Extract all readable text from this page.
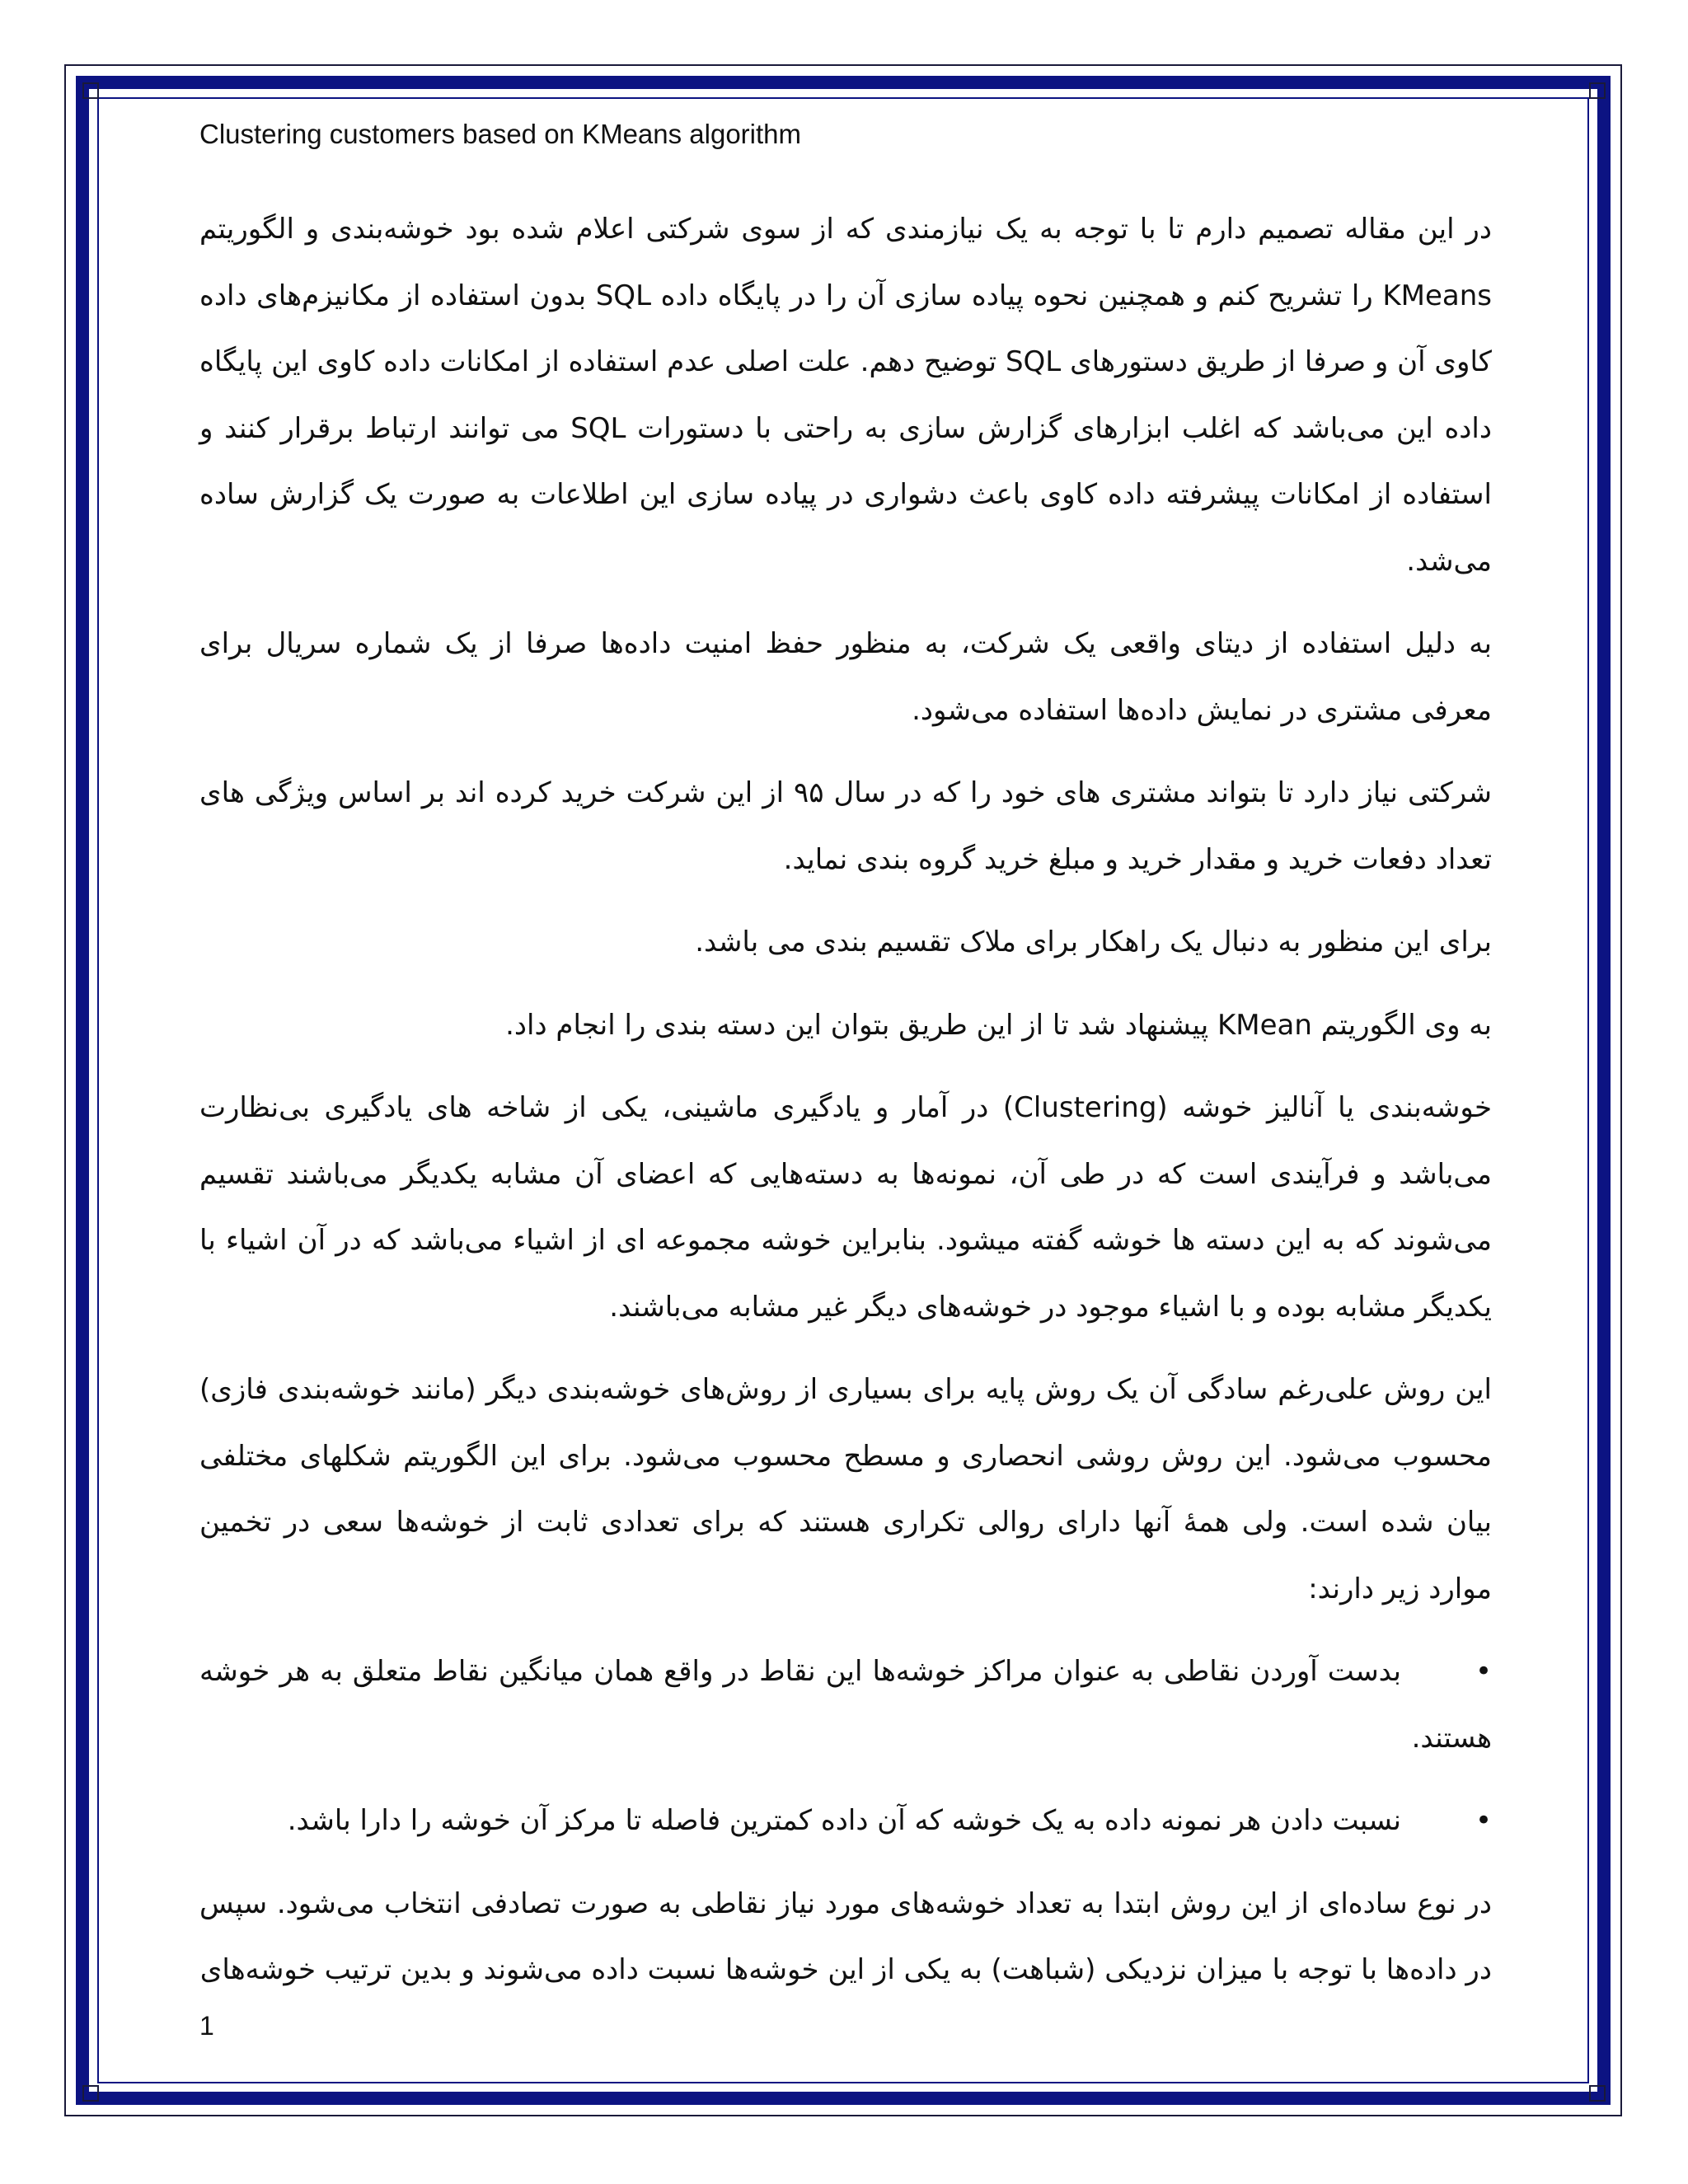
Clustering customers based on KMeans algorithm

در این مقاله تصمیم دارم تا با توجه به یک نیازمندی که از سوی شرکتی اعلام شده بود خوشه‌بندی و الگوریتم KMeans را تشریح کنم و همچنین نحوه پیاده سازی آن را در پایگاه داده SQL بدون استفاده از مکانیزم‌های داده کاوی آن و صرفا از طریق دستورهای SQL توضیح دهم. علت اصلی عدم استفاده از امکانات داده کاوی این پایگاه داده این می‌باشد که اغلب ابزارهای گزارش سازی به راحتی با دستورات SQL می توانند ارتباط برقرار کنند و استفاده از امکانات پیشرفته داده کاوی باعث دشواری در پیاده سازی این اطلاعات به صورت یک گزارش ساده می‌شد.

به دلیل استفاده از دیتای واقعی یک شرکت، به منظور حفظ امنیت داده‌ها صرفا از یک شماره سریال برای معرفی مشتری در نمایش داده‌ها استفاده می‌شود.

شرکتی نیاز دارد تا بتواند مشتری های خود را که در سال ۹۵ از این شرکت خرید کرده اند بر اساس ویژگی های تعداد دفعات خرید و مقدار خرید و مبلغ خرید گروه بندی نماید.

برای این منظور به دنبال یک راهکار برای ملاک تقسیم بندی می باشد.

به وی الگوریتم KMean پیشنهاد شد تا از این طریق بتوان این دسته بندی را انجام داد.

خوشه‌بندی یا آنالیز خوشه (Clustering) در آمار و یادگیری ماشینی، یکی از شاخه های یادگیری بی‌نظارت می‌باشد و فرآیندی است که در طی آن، نمونه‌ها به دسته‌هایی که اعضای آن مشابه یکدیگر می‌باشند تقسیم می‌شوند که به این دسته ها خوشه گفته میشود. بنابراین خوشه مجموعه ای از اشیاء می‌باشد که در آن اشیاء با یکدیگر مشابه بوده و با اشیاء موجود در خوشه‌های دیگر غیر مشابه می‌باشند.

این روش علی‌رغم سادگی آن یک روش پایه برای بسیاری از روش‌های خوشه‌بندی دیگر (مانند خوشه‌بندی فازی) محسوب می‌شود. این روش روشی انحصاری و مسطح محسوب می‌شود. برای این الگوریتم شکلهای مختلفی بیان شده است. ولی همهٔ آنها دارای روالی تکراری هستند که برای تعدادی ثابت از خوشه‌ها سعی در تخمین موارد زیر دارند:

•بدست آوردن نقاطی به عنوان مراکز خوشه‌ها این نقاط در واقع همان میانگین نقاط متعلق به هر خوشه هستند.

•نسبت دادن هر نمونه داده به یک خوشه که آن داده کمترین فاصله تا مرکز آن خوشه را دارا باشد.

در نوع ساده‌ای از این روش ابتدا به تعداد خوشه‌های مورد نیاز نقاطی به صورت تصادفی انتخاب می‌شود. سپس در داده‌ها با توجه با میزان نزدیکی (شباهت) به یکی از این خوشه‌ها نسبت داده می‌شوند و بدین ترتیب خوشه‌های

1
